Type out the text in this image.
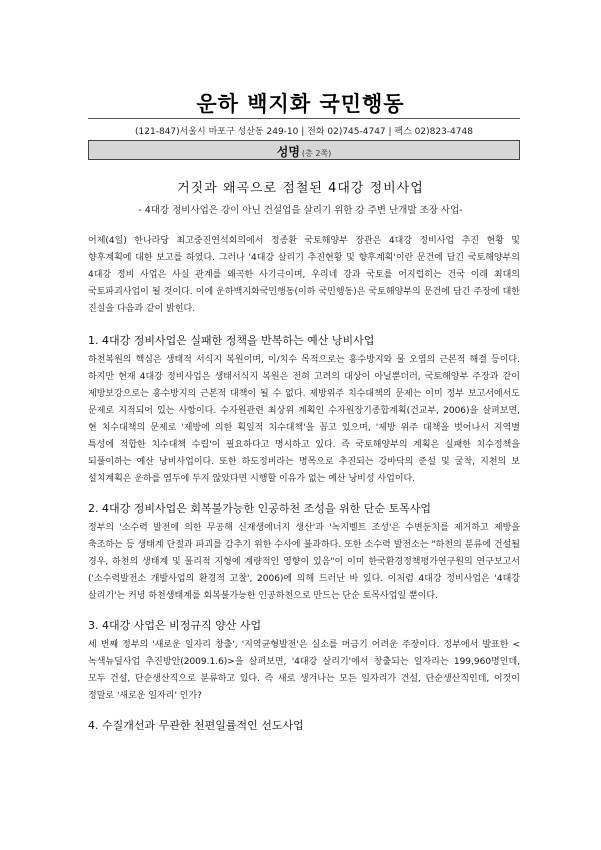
운하 백지화 국민행동
(121-847)서울시 마포구 성산동 249-10 | 전화 02)745-4747 | 팩스 02)823-4748
성명 (총 2쪽)
거짓과 왜곡으로 점철된 4대강 정비사업
- 4대강 정비사업은 강이 아닌 건설업을 살리기 위한 강 주변 난개발 조장 사업-

어제(4일) 한나라당 최고중진연석회의에서 정종환 국토해양부 장관은 4대강 정비사업 추진 현황 및 향후계획에 대한 보고를 하였다. 그러나 '4대강 살리기 추진현황 및 향후계획'이란 문건에 담긴 국토해양부의 4대강 정비 사업은 사실 관계를 왜곡한 사기극이며, 우리네 강과 국토를 어지럽히는 건국 이래 최대의 국토파괴사업이 될 것이다. 이에 운하백지화국민행동(이하 국민행동)은 국토해양부의 문건에 담긴 주장에 대한 진실을 다음과 같이 밝힌다.

1. 4대강 정비사업은 실패한 정책을 반복하는 예산 낭비사업

하천복원의 핵심은 생태적 서식지 복원이며, 이/치수 목적으로는 홍수방지와 물 오염의 근본적 해결 등이다. 하지만 현재 4대강 정비사업은 생태서식지 복원은 전혀 고려의 대상이 아닐뿐더러, 국토해양부 주장과 같이 제방보강으로는 홍수방지의 근본적 대책이 될 수 없다. 제방위주 치수대책의 문제는 이미 정부 보고서에서도 문제로 지적되어 있는 사항이다. 수자원관련 최상위 계획인 수자원장기종합계획(건교부, 2006)을 살펴보면, 현 치수대책의 문제로 '제방에 의한 획일적 치수대책'을 꼽고 있으며, '제방 위주 대책을 벗어나서 지역별 특성에 적합한 치수대책 수립'이 필요하다고 명시하고 있다. 즉 국토해양부의 계획은 실패한 치수정책을 되풀이하는 예산 낭비사업이다. 또한 하도정비라는 명목으로 추진되는 강바닥의 준설 및 굴착, 지천의 보 설치계획은 운하를 염두에 두지 않았다면 시행할 이유가 없는 예산 낭비성 사업이다.

2. 4대강 정비사업은 회복불가능한 인공하천 조성을 위한 단순 토목사업

정부의 '소수력 발전에 의한 무공해 신재생에너지 생산'과 '녹지벨트 조성'은 수변둔치를 제거하고 제방을 축조하는 등 생태계 단절과 파괴를 감추기 위한 수사에 불과하다. 또한 소수력 발전소는 "하천의 분류에 건설될 경우, 하천의 생태계 및 물리적 지형에 계량적인 영향이 있음"이 이미 한국환경정책평가연구원의 연구보고서('소수력발전소 개발사업의 환경적 고찰', 2006)에 의해 드러난 바 있다. 이처럼 4대강 정비사업은 '4대강 살리기'는 커녕 하천생태계를 회복불가능한 인공하천으로 만드는 단순 토목사업일 뿐이다.

3. 4대강 사업은 비정규직 양산 사업

세 번째 정부의 '새로운 일자리 창출', '지역균형발전'은 실소를 머금기 어려운 주장이다. 정부에서 발표한 <녹색뉴딜사업 추진방안(2009.1.6)>을 살펴보면, '4대강 살리기'에서 창출되는 일자리는 199,960명인데, 모두 건설, 단순생산직으로 분류하고 있다. 즉 새로 생겨나는 모든 일자리가 건설, 단순생산직인데, 이것이 정말로 '새로운 일자리' 인가?

4. 수질개선과 무관한 천편일률적인 선도사업
